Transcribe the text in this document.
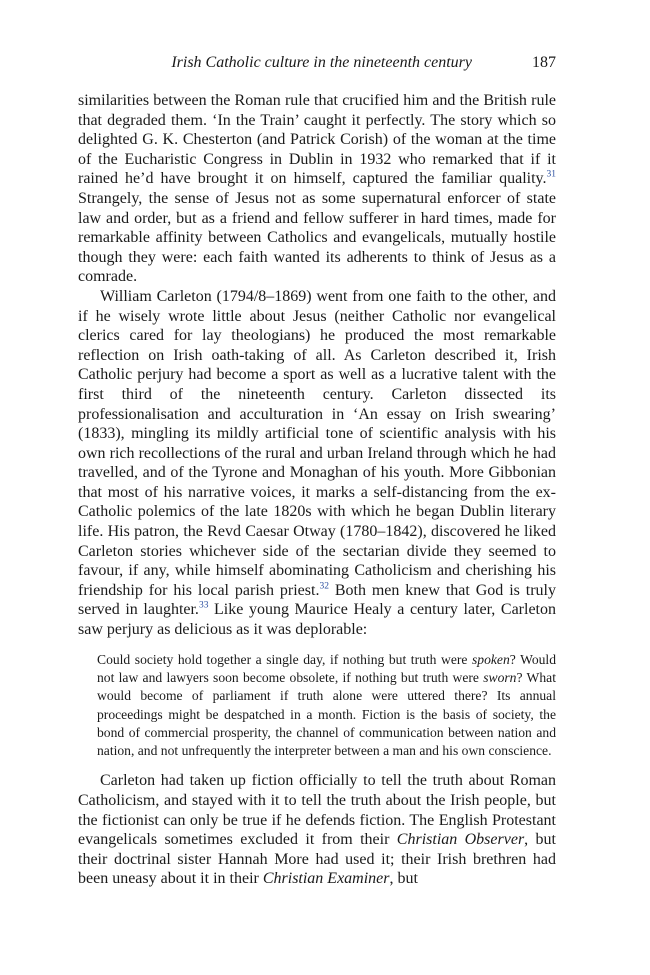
Irish Catholic culture in the nineteenth century	187

similarities between the Roman rule that crucified him and the British rule that degraded them. ‘In the Train’ caught it perfectly. The story which so delighted G. K. Chesterton (and Patrick Corish) of the woman at the time of the Eucharistic Congress in Dublin in 1932 who remarked that if it rained he’d have brought it on himself, captured the familiar quality.$^{31}$ Strangely, the sense of Jesus not as some supernatural enforcer of state law and order, but as a friend and fellow sufferer in hard times, made for remarkable affinity between Catholics and evangelicals, mutually hostile though they were: each faith wanted its adherents to think of Jesus as a comrade.

William Carleton (1794/8–1869) went from one faith to the other, and if he wisely wrote little about Jesus (neither Catholic nor evangelical clerics cared for lay theologians) he produced the most remarkable reflection on Irish oath-taking of all. As Carleton described it, Irish Catholic perjury had become a sport as well as a lucrative talent with the first third of the nineteenth century. Carleton dissected its professionalisation and acculturation in ‘An essay on Irish swearing’ (1833), mingling its mildly artificial tone of scientific analysis with his own rich recollections of the rural and urban Ireland through which he had travelled, and of the Tyrone and Monaghan of his youth. More Gibbonian that most of his narrative voices, it marks a self-distancing from the ex-Catholic polemics of the late 1820s with which he began Dublin literary life. His patron, the Revd Caesar Otway (1780–1842), discovered he liked Carleton stories whichever side of the sectarian divide they seemed to favour, if any, while himself abominating Catholicism and cherishing his friendship for his local parish priest.$^{32}$ Both men knew that God is truly served in laughter.$^{33}$ Like young Maurice Healy a century later, Carleton saw perjury as delicious as it was deplorable:

Could society hold together a single day, if nothing but truth were spoken? Would not law and lawyers soon become obsolete, if nothing but truth were sworn? What would become of parliament if truth alone were uttered there? Its annual proceedings might be despatched in a month. Fiction is the basis of society, the bond of commercial prosperity, the channel of communication between nation and nation, and not unfrequently the interpreter between a man and his own conscience.

Carleton had taken up fiction officially to tell the truth about Roman Catholicism, and stayed with it to tell the truth about the Irish people, but the fictionist can only be true if he defends fiction. The English Protestant evangelicals sometimes excluded it from their Christian Observer, but their doctrinal sister Hannah More had used it; their Irish brethren had been uneasy about it in their Christian Examiner, but
